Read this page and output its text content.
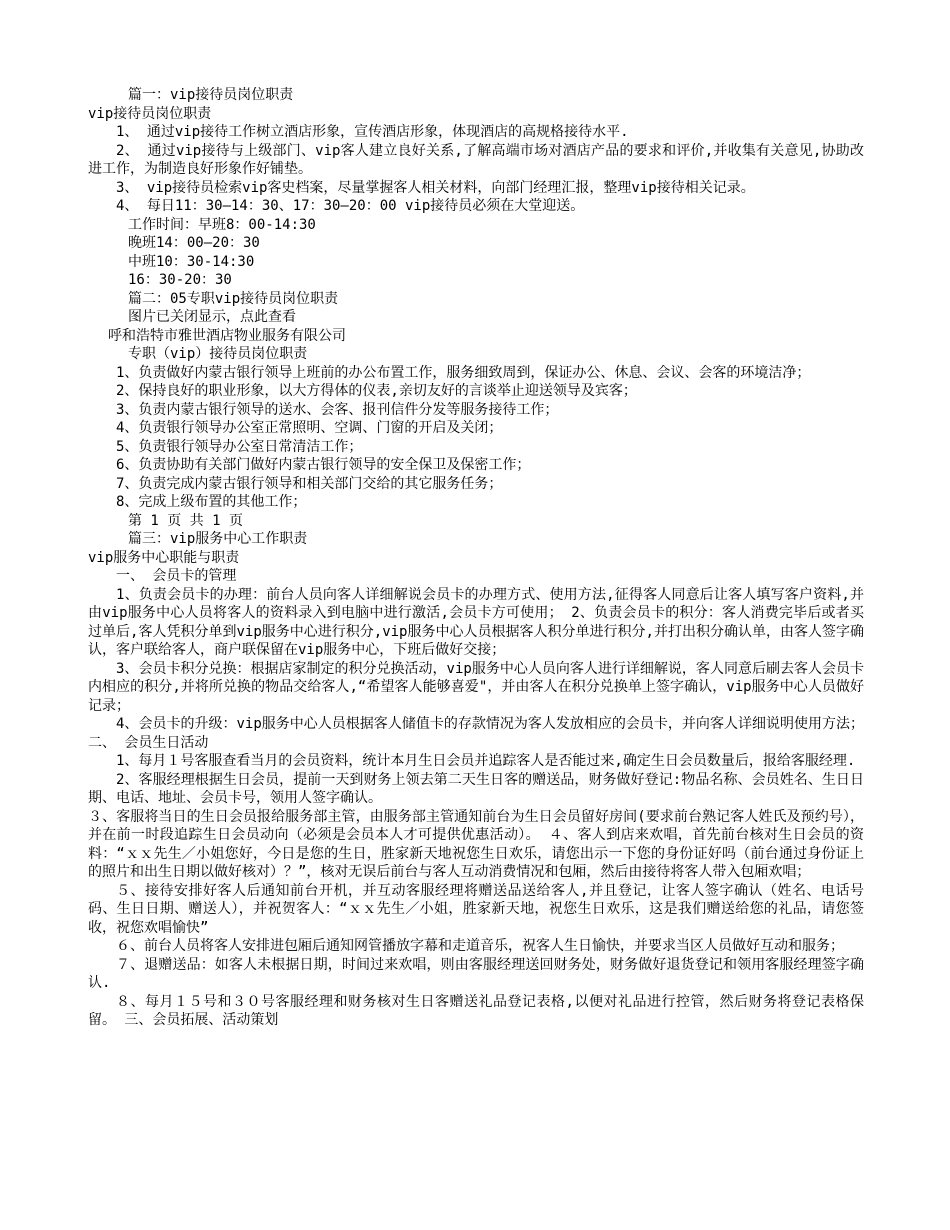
篇一：vip接待员岗位职责

vip接待员岗位职责

1、 通过vip接待工作树立酒店形象，宣传酒店形象，体现酒店的高规格接待水平.

2、 通过vip接待与上级部门、vip客人建立良好关系,了解高端市场对酒店产品的要求和评价,并收集有关意见,协助改进工作，为制造良好形象作好铺垫。

3、 vip接待员检索vip客史档案，尽量掌握客人相关材料，向部门经理汇报，整理vip接待相关记录。

4、 每日11：30—14：30、17：30—20：00 vip接待员必须在大堂迎送。

工作时间：早班8：00-14:30

晚班14：00—20：30

中班10：30-14:30

16：30-20：30

篇二：05专职vip接待员岗位职责

图片已关闭显示，点此查看

呼和浩特市雅世酒店物业服务有限公司

专职（vip）接待员岗位职责

1、负责做好内蒙古银行领导上班前的办公布置工作，服务细致周到，保证办公、休息、会议、会客的环境洁净；

2、保持良好的职业形象，以大方得体的仪表,亲切友好的言谈举止迎送领导及宾客；

3、负责内蒙古银行领导的送水、会客、报刊信件分发等服务接待工作；

4、负责银行领导办公室正常照明、空调、门窗的开启及关闭；

5、负责银行领导办公室日常清洁工作；

6、负责协助有关部门做好内蒙古银行领导的安全保卫及保密工作；

7、负责完成内蒙古银行领导和相关部门交给的其它服务任务；

8、完成上级布置的其他工作；

第 1 页 共 1 页

篇三：vip服务中心工作职责

vip服务中心职能与职责

一、 会员卡的管理

1、负责会员卡的办理：前台人员向客人详细解说会员卡的办理方式、使用方法,征得客人同意后让客人填写客户资料,并由vip服务中心人员将客人的资料录入到电脑中进行激活,会员卡方可使用； 2、负责会员卡的积分：客人消费完毕后或者买过单后,客人凭积分单到vip服务中心进行积分,vip服务中心人员根据客人积分单进行积分,并打出积分确认单，由客人签字确认，客户联给客人，商户联保留在vip服务中心，下班后做好交接；

3、会员卡积分兑换：根据店家制定的积分兑换活动，vip服务中心人员向客人进行详细解说，客人同意后刷去客人会员卡内相应的积分,并将所兑换的物品交给客人,“希望客人能够喜爱"，并由客人在积分兑换单上签字确认，vip服务中心人员做好记录；

4、会员卡的升级：vip服务中心人员根据客人储值卡的存款情况为客人发放相应的会员卡，并向客人详细说明使用方法； 二、 会员生日活动

1、每月１号客服查看当月的会员资料，统计本月生日会员并追踪客人是否能过来,确定生日会员数量后，报给客服经理.

2、客服经理根据生日会员，提前一天到财务上领去第二天生日客的赠送品，财务做好登记:物品名称、会员姓名、生日日期、电话、地址、会员卡号，领用人签字确认。

３、客服将当日的生日会员报给服务部主管，由服务部主管通知前台为生日会员留好房间(要求前台熟记客人姓氏及预约号），并在前一时段追踪生日会员动向（必须是会员本人才可提供优惠活动）。 ４、客人到店来欢唱，首先前台核对生日会员的资料：“ｘｘ先生／小姐您好，今日是您的生日，胜家新天地祝您生日欢乐，请您出示一下您的身份证好吗（前台通过身份证上的照片和出生日期以做好核对）？”，核对无误后前台与客人互动消费情况和包厢，然后由接待将客人带入包厢欢唱；

５、接待安排好客人后通知前台开机，并互动客服经理将赠送品送给客人,并且登记，让客人签字确认（姓名、电话号码、生日日期、赠送人），并祝贺客人：“ｘｘ先生／小姐，胜家新天地，祝您生日欢乐，这是我们赠送给您的礼品，请您签收，祝您欢唱愉快”

６、前台人员将客人安排进包厢后通知网管播放字幕和走道音乐，祝客人生日愉快，并要求当区人员做好互动和服务；

７、退赠送品：如客人未根据日期，时间过来欢唱，则由客服经理送回财务处，财务做好退货登记和领用客服经理签字确认.

８、每月１５号和３０号客服经理和财务核对生日客赠送礼品登记表格,以便对礼品进行控管，然后财务将登记表格保留。 三、会员拓展、活动策划
